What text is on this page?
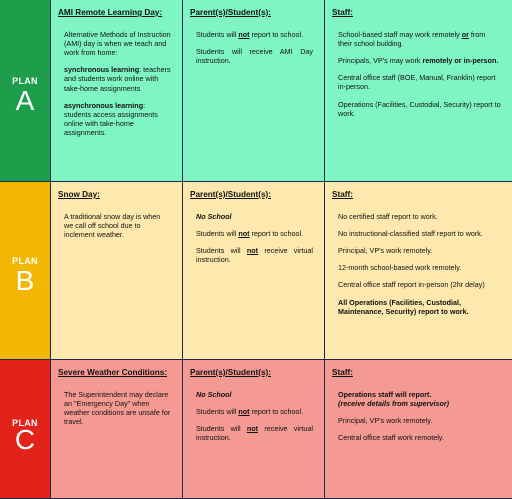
PLAN
A
AMI Remote Learning Day:

Alternative Methods of Instruction (AMI) day is when we teach and work from home:

synchronous learning: teachers and students work online with take-home assignments

asynchronous learning: students access assignments online with take-home assignments.

Parent(s)/Student(s):

Students will not report to school.

Students will receive AMI Day instruction.

Staff:

School-based staff may work remotely or from their school building.

Principals, VP's may work remotely or in-person.

Central office staff (BOE, Manual, Franklin) report in-person.

Operations (Facilities, Custodial, Security) report to work.

PLAN
B
Snow Day:

A traditional snow day is when we call off school due to inclement weather.

Parent(s)/Student(s):

No School

Students will not report to school.

Students will not receive virtual instruction.

Staff:

No certified staff report to work.

No instructional-classified staff report to work.

Principal, VP's work remotely.

12-month school-based work remotely.

Central office staff report in-person (2hr delay)

All Operations (Facilities, Custodial, Maintenance, Security) report to work.

PLAN
C
Severe Weather Conditions:

The Superintendent may declare an "Emergency Day" when weather conditions are unsafe for travel.

Parent(s)/Student(s):

No School

Students will not report to school.

Students will not receive virtual instruction.

Staff:

Operations staff will report.
(receive details from supervisor)

Principal, VP's work remotely.

Central office staff work remotely.
